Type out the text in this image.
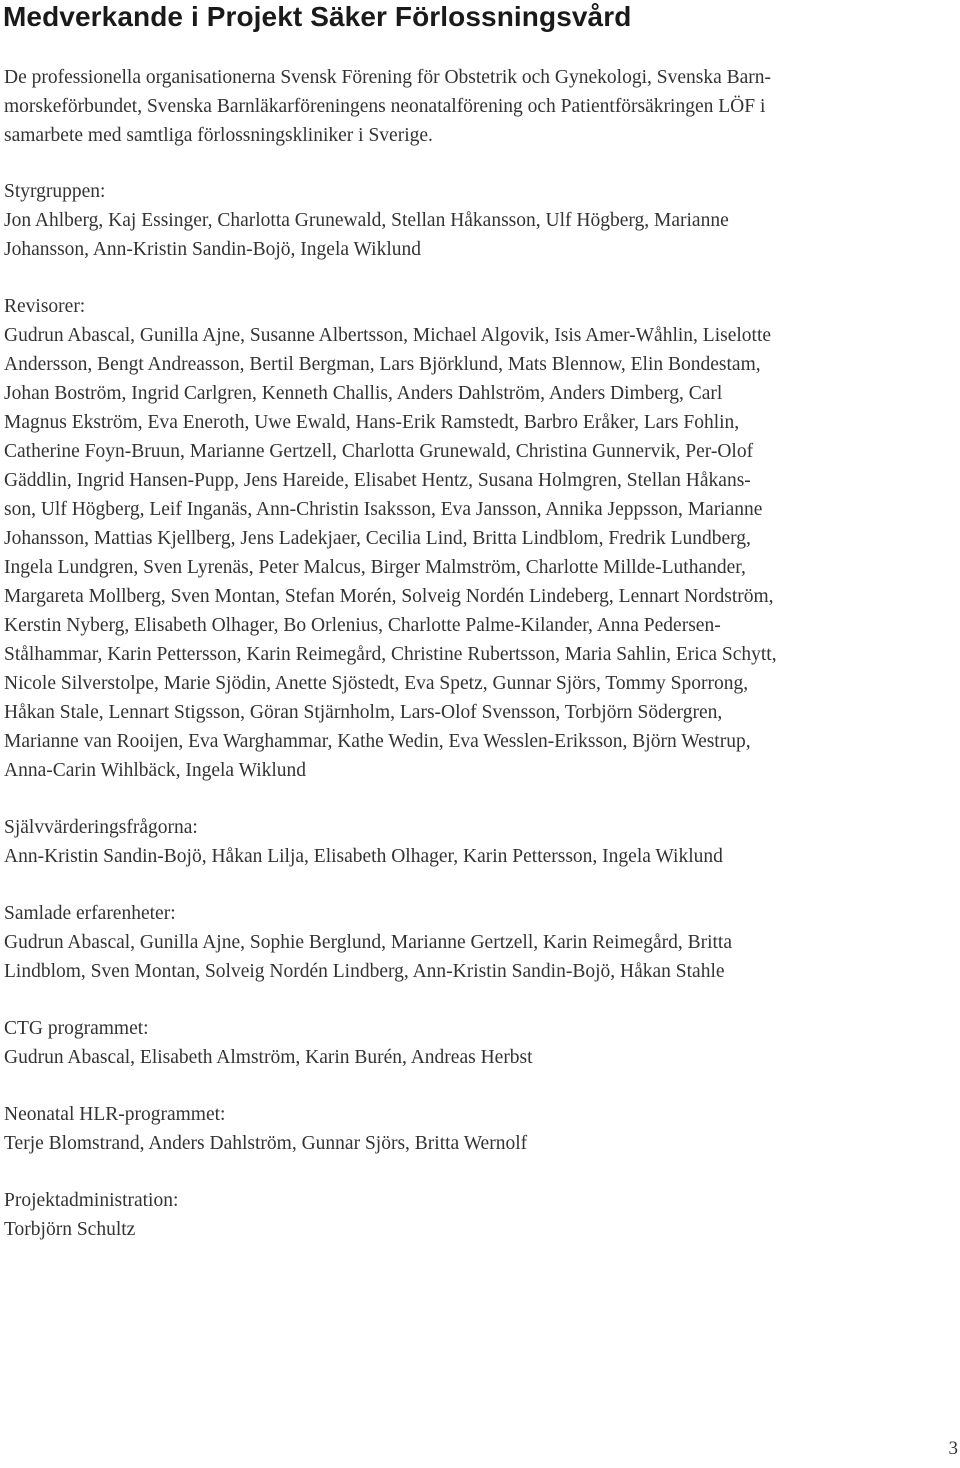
Medverkande i Projekt Säker Förlossningsvård

De professionella organisationerna Svensk Förening för Obstetrik och Gynekologi, Svenska Barn-
morskeförbundet, Svenska Barnläkarföreningens neonatalförening och Patientförsäkringen LÖF i
samarbete med samtliga förlossningskliniker i Sverige.

Styrgruppen:
Jon Ahlberg, Kaj Essinger, Charlotta Grunewald, Stellan Håkansson, Ulf Högberg, Marianne
Johansson, Ann-Kristin Sandin-Bojö, Ingela Wiklund
Revisorer:
Gudrun Abascal, Gunilla Ajne, Susanne Albertsson, Michael Algovik, Isis Amer-Wåhlin, Liselotte
Andersson, Bengt Andreasson, Bertil Bergman, Lars Björklund, Mats Blennow, Elin Bondestam,
Johan Boström, Ingrid Carlgren, Kenneth Challis, Anders Dahlström, Anders Dimberg, Carl
Magnus Ekström, Eva Eneroth, Uwe Ewald, Hans-Erik Ramstedt, Barbro Eråker, Lars Fohlin,
Catherine Foyn-Bruun, Marianne Gertzell, Charlotta Grunewald, Christina Gunnervik, Per-Olof
Gäddlin, Ingrid Hansen-Pupp, Jens Hareide, Elisabet Hentz, Susana Holmgren, Stellan Håkans-
son, Ulf Högberg, Leif Inganäs, Ann-Christin Isaksson, Eva Jansson, Annika Jeppsson, Marianne
Johansson, Mattias Kjellberg, Jens Ladekjaer, Cecilia Lind, Britta Lindblom, Fredrik Lundberg,
Ingela Lundgren, Sven Lyrenäs, Peter Malcus, Birger Malmström, Charlotte Millde-Luthander,
Margareta Mollberg, Sven Montan, Stefan Morén, Solveig Nordén Lindeberg, Lennart Nordström,
Kerstin Nyberg, Elisabeth Olhager, Bo Orlenius, Charlotte Palme-Kilander, Anna Pedersen-
Stålhammar, Karin Pettersson, Karin Reimegård, Christine Rubertsson, Maria Sahlin, Erica Schytt,
Nicole Silverstolpe, Marie Sjödin, Anette Sjöstedt, Eva Spetz, Gunnar Sjörs, Tommy Sporrong,
Håkan Stale, Lennart Stigsson, Göran Stjärnholm, Lars-Olof Svensson, Torbjörn Södergren,
Marianne van Rooijen, Eva Warghammar, Kathe Wedin, Eva Wesslen-Eriksson, Björn Westrup,
Anna-Carin Wihlbäck, Ingela Wiklund
Självvärderingsfrågorna:
Ann-Kristin Sandin-Bojö, Håkan Lilja, Elisabeth Olhager, Karin Pettersson, Ingela Wiklund
Samlade erfarenheter:
Gudrun Abascal, Gunilla Ajne, Sophie Berglund, Marianne Gertzell, Karin Reimegård, Britta
Lindblom, Sven Montan, Solveig Nordén Lindberg, Ann-Kristin Sandin-Bojö, Håkan Stahle
CTG programmet:
Gudrun Abascal, Elisabeth Almström, Karin Burén, Andreas Herbst
Neonatal HLR-programmet:
Terje Blomstrand, Anders Dahlström, Gunnar Sjörs, Britta Wernolf
Projektadministration:
Torbjörn Schultz
3
